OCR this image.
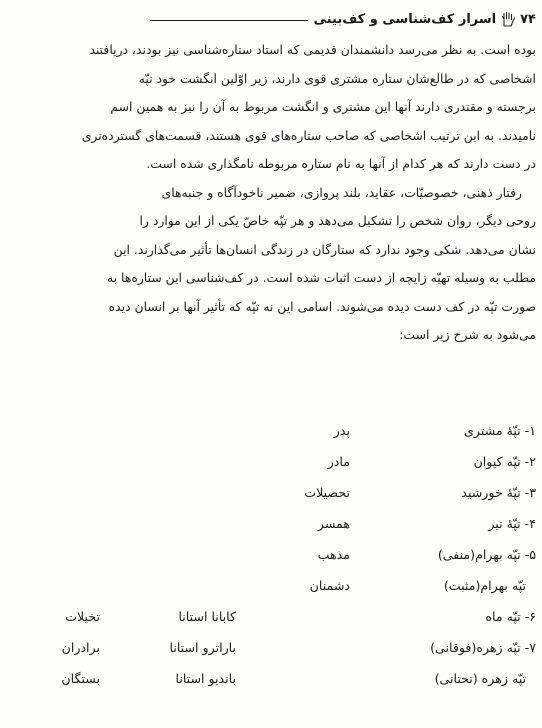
۷۴
اسرار کف‌شناسی و کف‌بینی

بوده است. به نظر می‌رسد دانشمندان قدیمی که استاد ستاره‌شناسی نیز بودند، دریافتند
اشخاصی که در طالع‌شان ستاره مشتری قوی دارند، زیر اوّلین انگشت خود تپّه
برجسته و مقتدری دارند آنها این مشتری و انگشت مربوط به آن را نیز به همین اسم
نامیدند. به این ترتیب اشخاصی که صاحب ستاره‌های قوی هستند، قسمت‌های گسترده‌تری
در دست دارند که هر کدام از آنها به نام ستاره مربوطه نامگذاری شده است.

رفتار ذهنی، خصوصیّات، عقاید، بلند پروازی، ضمیر ناخودآگاه و جنبه‌های
روحی دیگر، روان شخص را تشکیل می‌دهد و هر تپّه خاصّ یکی از این موارد را
نشان می‌دهد. شکی وجود ندارد که ستارگان در زندگی انسان‌ها تأثیر می‌گذارند. این
مطلب به وسیله تهیّه زایچه از دست اثبات شده است. در کف‌شناسی این ستاره‌ها به
صورت تپّه در کف دست دیده می‌شوند. اسامی این نه تپّه که تأثیر آنها بر انسان دیده
می‌شود به شرح زیر است:

۱- تپّهٔ مشتری
پدر
۲- تپّه کیوان
مادر
۳- تپّهٔ خورشید
تحصیلات
۴- تپّهٔ تیر
همسر
۵- تپّه بهرام(منفی)
مذهب
تپّه بهرام(مثبت)
دشمنان
۶- تپّه ماه
کابانا استانا
تخیلات
۷- تپّه زهره(فوقانی)
باراترو استانا
برادران
تپّه زهره (تحتانی)
باندیو استانا
بستگان
